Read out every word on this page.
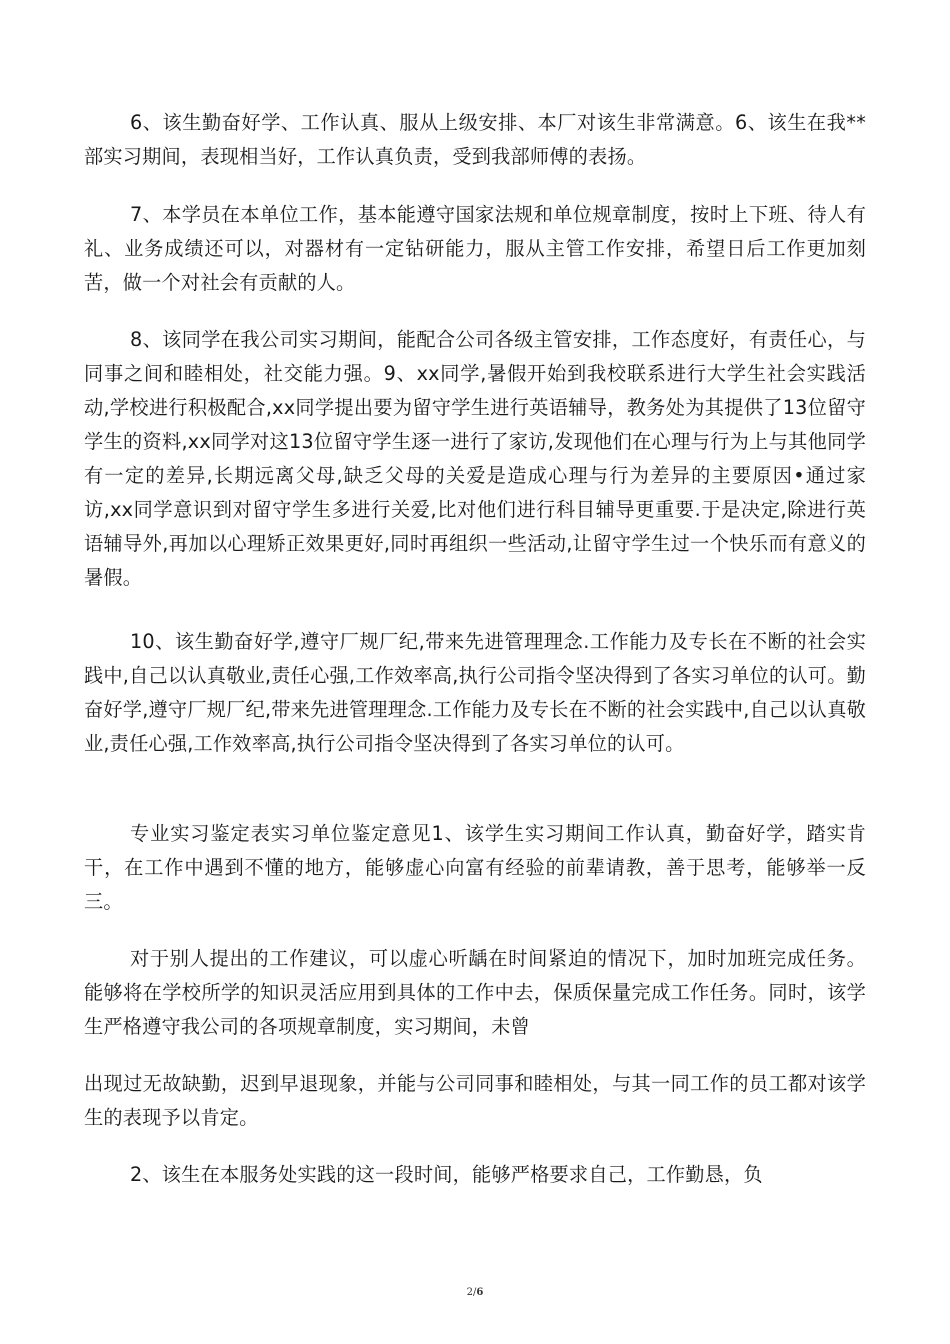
6、该生勤奋好学、工作认真、服从上级安排、本厂对该生非常满意。6、该生在我**部实习期间，表现相当好，工作认真负责，受到我部师傅的表扬。

7、本学员在本单位工作，基本能遵守国家法规和单位规章制度，按时上下班、待人有礼、业务成绩还可以，对器材有一定钻研能力，服从主管工作安排，希望日后工作更加刻苦，做一个对社会有贡献的人。

8、该同学在我公司实习期间，能配合公司各级主管安排，工作态度好，有责任心，与同事之间和睦相处，社交能力强。9、xx同学,暑假开始到我校联系进行大学生社会实践活动,学校进行积极配合,xx同学提出要为留守学生进行英语辅导，教务处为其提供了13位留守学生的资料,xx同学对这13位留守学生逐一进行了家访,发现他们在心理与行为上与其他同学有一定的差异,长期远离父母,缺乏父母的关爱是造成心理与行为差异的主要原因•通过家访,xx同学意识到对留守学生多进行关爱,比对他们进行科目辅导更重要.于是决定,除进行英语辅导外,再加以心理矫正效果更好,同时再组织一些活动,让留守学生过一个快乐而有意义的暑假。

10、该生勤奋好学,遵守厂规厂纪,带来先进管理理念.工作能力及专长在不断的社会实践中,自己以认真敬业,责任心强,工作效率高,执行公司指令坚决得到了各实习单位的认可。勤奋好学,遵守厂规厂纪,带来先进管理理念.工作能力及专长在不断的社会实践中,自己以认真敬业,责任心强,工作效率高,执行公司指令坚决得到了各实习单位的认可。

专业实习鉴定表实习单位鉴定意见1、该学生实习期间工作认真，勤奋好学，踏实肯干，在工作中遇到不懂的地方，能够虚心向富有经验的前辈请教，善于思考，能够举一反三。

对于别人提出的工作建议，可以虚心听龋在时间紧迫的情况下，加时加班完成任务。能够将在学校所学的知识灵活应用到具体的工作中去，保质保量完成工作任务。同时，该学生严格遵守我公司的各项规章制度，实习期间，未曾

出现过无故缺勤，迟到早退现象，并能与公司同事和睦相处，与其一同工作的员工都对该学生的表现予以肯定。

2、该生在本服务处实践的这一段时间，能够严格要求自己，工作勤恳，负

2/6
